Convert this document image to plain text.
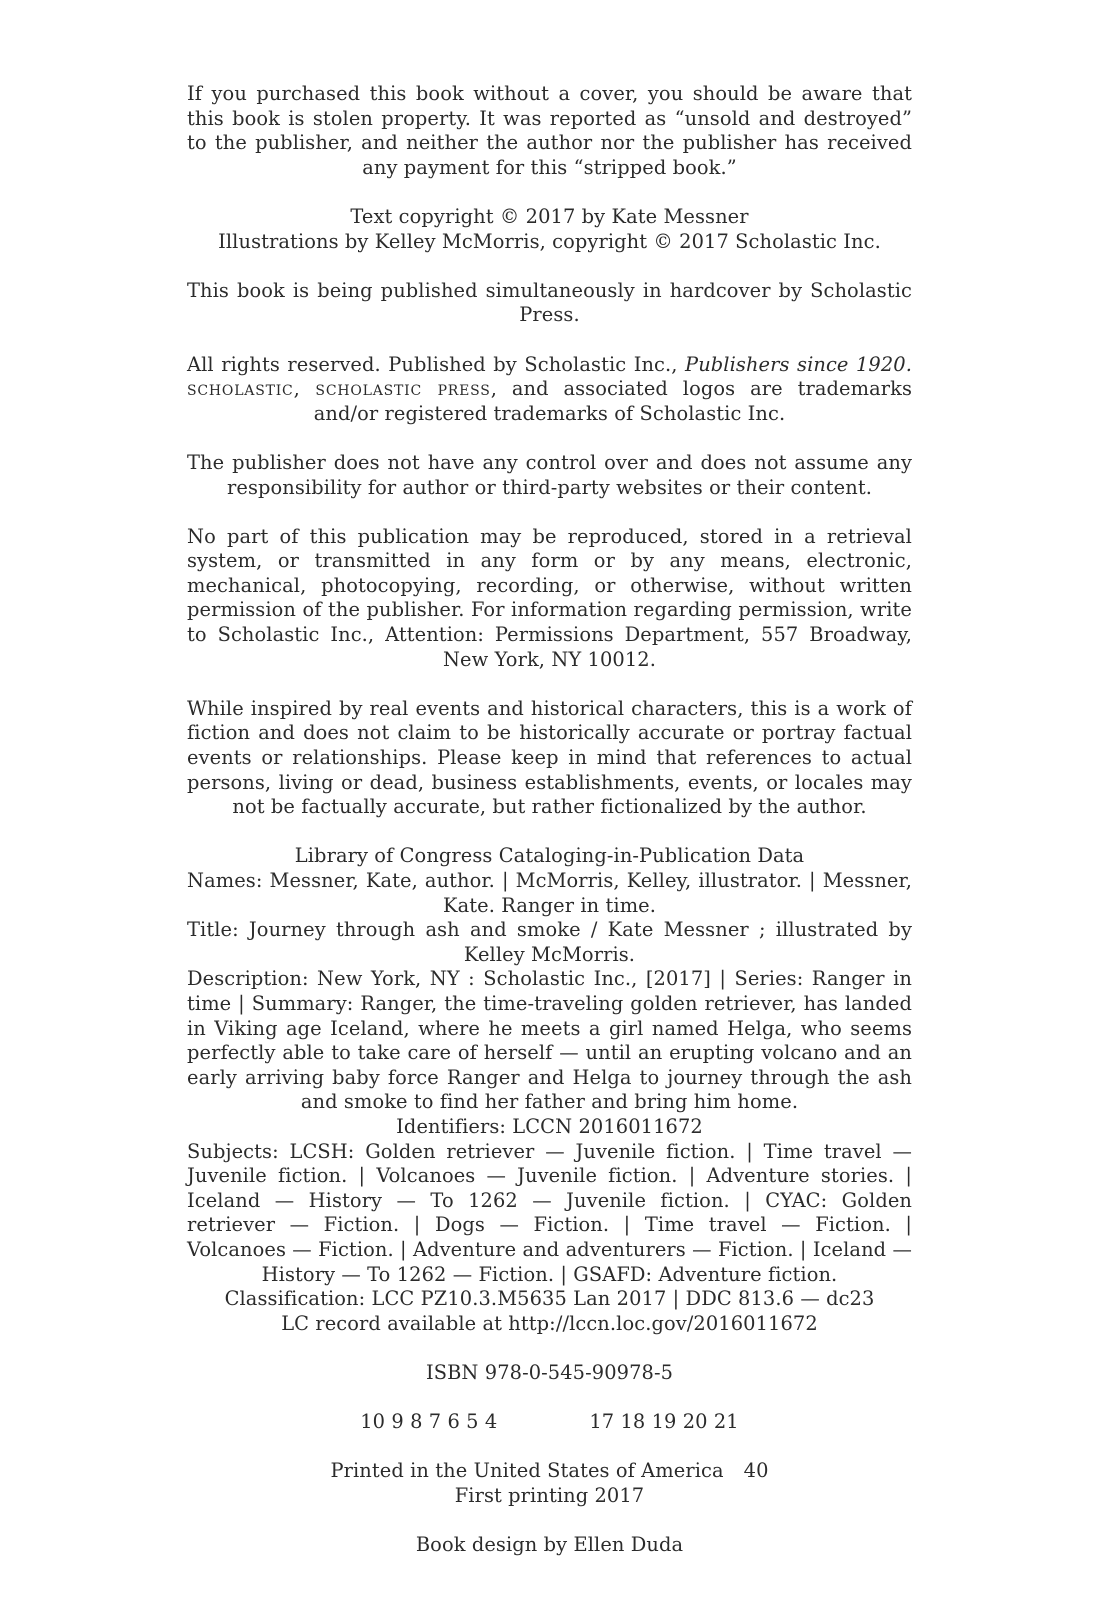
If you purchased this book without a cover, you should be aware that this book is stolen property. It was reported as “unsold and destroyed” to the publisher, and neither the author nor the publisher has received any payment for this “stripped book.”

Text copyright © 2017 by Kate Messner
Illustrations by Kelley McMorris, copyright © 2017 Scholastic Inc.

This book is being published simultaneously in hardcover by Scholastic Press.

All rights reserved. Published by Scholastic Inc., Publishers since 1920. scholastic, scholastic press, and associated logos are trademarks and/or registered trademarks of Scholastic Inc.

The publisher does not have any control over and does not assume any responsibility for author or third-party websites or their content.

No part of this publication may be reproduced, stored in a retrieval system, or transmitted in any form or by any means, electronic, mechanical, photocopying, recording, or otherwise, without written permission of the publisher. For information regarding permission, write to Scholastic Inc., Attention: Permissions Department, 557 Broadway, New York, NY 10012.

While inspired by real events and historical characters, this is a work of fiction and does not claim to be historically accurate or portray factual events or relationships. Please keep in mind that references to actual persons, living or dead, business establishments, events, or locales may not be factually accurate, but rather fictionalized by the author.

Library of Congress Cataloging-in-Publication Data
Names: Messner, Kate, author. | McMorris, Kelley, illustrator. | Messner, Kate. Ranger in time.
Title: Journey through ash and smoke / Kate Messner ; illustrated by Kelley McMorris.
Description: New York, NY : Scholastic Inc., [2017] | Series: Ranger in time | Summary: Ranger, the time-traveling golden retriever, has landed in Viking age Iceland, where he meets a girl named Helga, who seems perfectly able to take care of herself — until an erupting volcano and an early arriving baby force Ranger and Helga to journey through the ash and smoke to find her father and bring him home.
Identifiers: LCCN 2016011672
Subjects: LCSH: Golden retriever — Juvenile fiction. | Time travel — Juvenile fiction. | Volcanoes — Juvenile fiction. | Adventure stories. | Iceland — History — To 1262 — Juvenile fiction. | CYAC: Golden retriever — Fiction. | Dogs — Fiction. | Time travel — Fiction. | Volcanoes — Fiction. | Adventure and adventurers — Fiction. | Iceland — History — To 1262 — Fiction. | GSAFD: Adventure fiction.
Classification: LCC PZ10.3.M5635 Lan 2017 | DDC 813.6 — dc23
LC record available at http://lccn.loc.gov/2016011672

ISBN 978-0-545-90978-5

10 9 8 7 6 5 4	17 18 19 20 21

Printed in the United States of America 40
First printing 2017

Book design by Ellen Duda
